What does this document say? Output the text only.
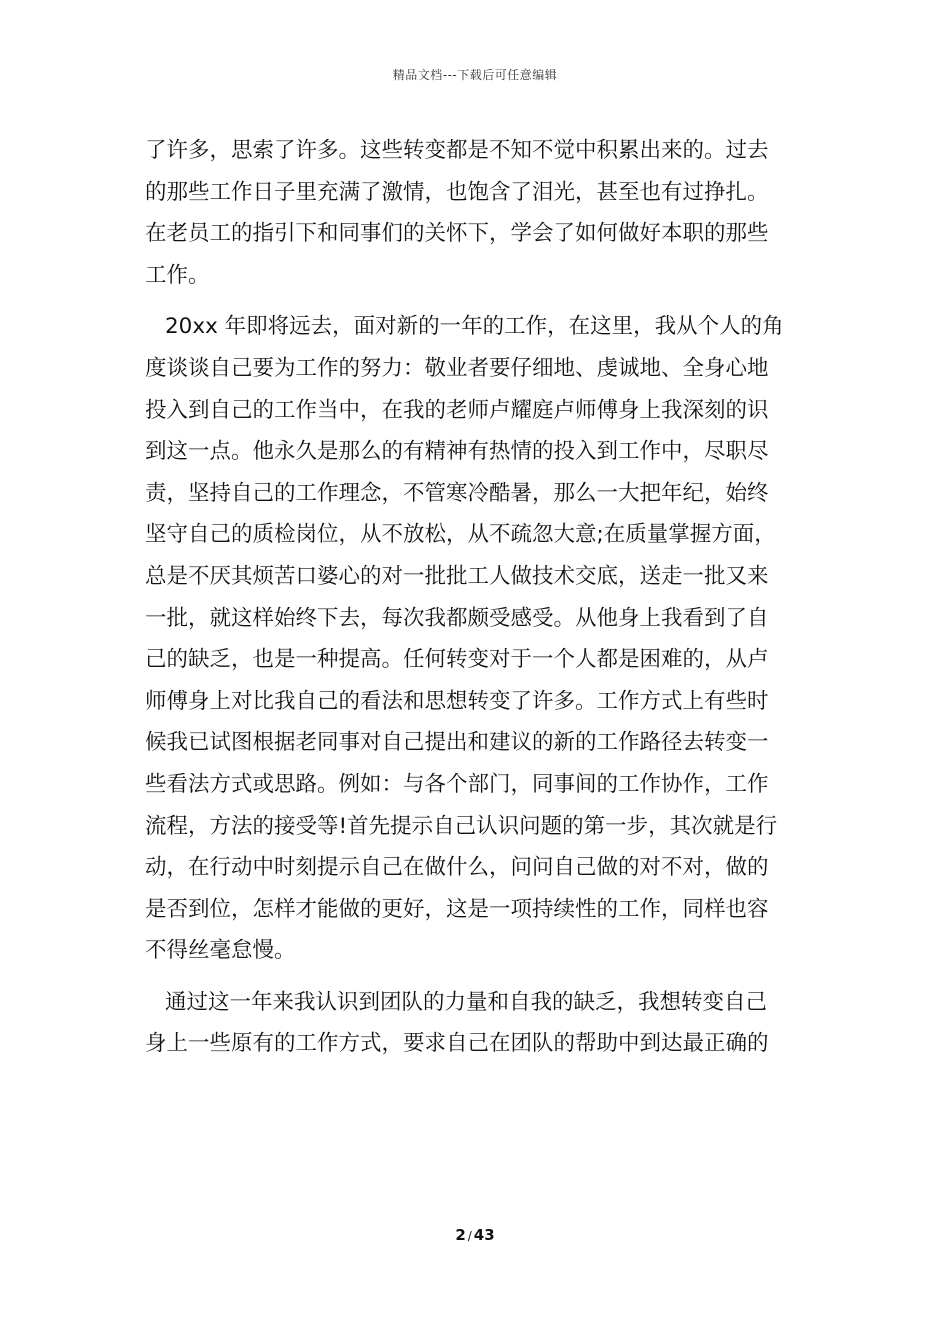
精品文档---下载后可任意编辑
了许多，思索了许多。这些转变都是不知不觉中积累出来的。过去
的那些工作日子里充满了激情，也饱含了泪光，甚至也有过挣扎。
在老员工的指引下和同事们的关怀下，学会了如何做好本职的那些
工作。
20xx 年即将远去，面对新的一年的工作，在这里，我从个人的角
度谈谈自己要为工作的努力：敬业者要仔细地、虔诚地、全身心地
投入到自己的工作当中，在我的老师卢耀庭卢师傅身上我深刻的识
到这一点。他永久是那么的有精神有热情的投入到工作中，尽职尽
责，坚持自己的工作理念，不管寒冷酷暑，那么一大把年纪，始终
坚守自己的质检岗位，从不放松，从不疏忽大意;在质量掌握方面，
总是不厌其烦苦口婆心的对一批批工人做技术交底，送走一批又来
一批，就这样始终下去，每次我都颇受感受。从他身上我看到了自
己的缺乏，也是一种提高。任何转变对于一个人都是困难的，从卢
师傅身上对比我自己的看法和思想转变了许多。工作方式上有些时
候我已试图根据老同事对自己提出和建议的新的工作路径去转变一
些看法方式或思路。例如：与各个部门，同事间的工作协作，工作
流程，方法的接受等!首先提示自己认识问题的第一步，其次就是行
动，在行动中时刻提示自己在做什么，问问自己做的对不对，做的
是否到位，怎样才能做的更好，这是一项持续性的工作，同样也容
不得丝毫怠慢。
通过这一年来我认识到团队的力量和自我的缺乏，我想转变自己
身上一些原有的工作方式，要求自己在团队的帮助中到达最正确的
2 / 43
